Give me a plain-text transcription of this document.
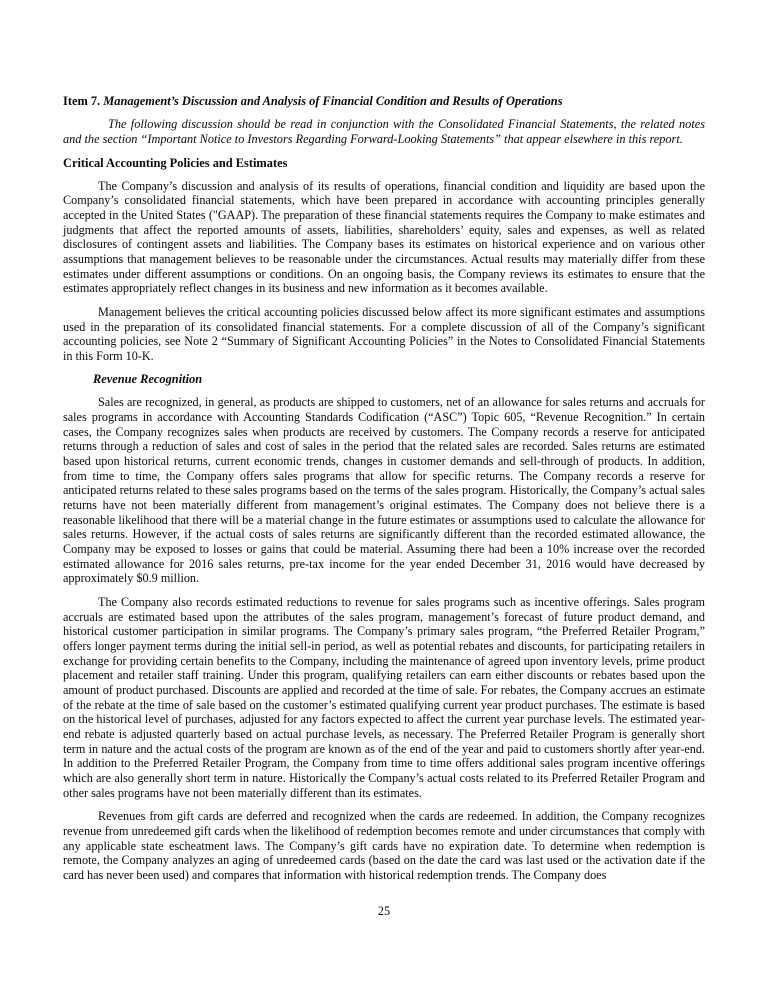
Item 7. Management’s Discussion and Analysis of Financial Condition and Results of Operations

The following discussion should be read in conjunction with the Consolidated Financial Statements, the related notes and the section “Important Notice to Investors Regarding Forward-Looking Statements” that appear elsewhere in this report.

Critical Accounting Policies and Estimates

The Company’s discussion and analysis of its results of operations, financial condition and liquidity are based upon the Company’s consolidated financial statements, which have been prepared in accordance with accounting principles generally accepted in the United States ("GAAP). The preparation of these financial statements requires the Company to make estimates and judgments that affect the reported amounts of assets, liabilities, shareholders’ equity, sales and expenses, as well as related disclosures of contingent assets and liabilities. The Company bases its estimates on historical experience and on various other assumptions that management believes to be reasonable under the circumstances. Actual results may materially differ from these estimates under different assumptions or conditions. On an ongoing basis, the Company reviews its estimates to ensure that the estimates appropriately reflect changes in its business and new information as it becomes available.

Management believes the critical accounting policies discussed below affect its more significant estimates and assumptions used in the preparation of its consolidated financial statements. For a complete discussion of all of the Company’s significant accounting policies, see Note 2 “Summary of Significant Accounting Policies” in the Notes to Consolidated Financial Statements in this Form 10-K.

Revenue Recognition

Sales are recognized, in general, as products are shipped to customers, net of an allowance for sales returns and accruals for sales programs in accordance with Accounting Standards Codification (“ASC”) Topic 605, “Revenue Recognition.” In certain cases, the Company recognizes sales when products are received by customers. The Company records a reserve for anticipated returns through a reduction of sales and cost of sales in the period that the related sales are recorded. Sales returns are estimated based upon historical returns, current economic trends, changes in customer demands and sell-through of products. In addition, from time to time, the Company offers sales programs that allow for specific returns. The Company records a reserve for anticipated returns related to these sales programs based on the terms of the sales program. Historically, the Company’s actual sales returns have not been materially different from management’s original estimates. The Company does not believe there is a reasonable likelihood that there will be a material change in the future estimates or assumptions used to calculate the allowance for sales returns. However, if the actual costs of sales returns are significantly different than the recorded estimated allowance, the Company may be exposed to losses or gains that could be material. Assuming there had been a 10% increase over the recorded estimated allowance for 2016 sales returns, pre-tax income for the year ended December 31, 2016 would have decreased by approximately $0.9 million.

The Company also records estimated reductions to revenue for sales programs such as incentive offerings. Sales program accruals are estimated based upon the attributes of the sales program, management’s forecast of future product demand, and historical customer participation in similar programs. The Company’s primary sales program, “the Preferred Retailer Program,” offers longer payment terms during the initial sell-in period, as well as potential rebates and discounts, for participating retailers in exchange for providing certain benefits to the Company, including the maintenance of agreed upon inventory levels, prime product placement and retailer staff training. Under this program, qualifying retailers can earn either discounts or rebates based upon the amount of product purchased. Discounts are applied and recorded at the time of sale. For rebates, the Company accrues an estimate of the rebate at the time of sale based on the customer’s estimated qualifying current year product purchases. The estimate is based on the historical level of purchases, adjusted for any factors expected to affect the current year purchase levels. The estimated year-end rebate is adjusted quarterly based on actual purchase levels, as necessary. The Preferred Retailer Program is generally short term in nature and the actual costs of the program are known as of the end of the year and paid to customers shortly after year-end. In addition to the Preferred Retailer Program, the Company from time to time offers additional sales program incentive offerings which are also generally short term in nature. Historically the Company’s actual costs related to its Preferred Retailer Program and other sales programs have not been materially different than its estimates.

Revenues from gift cards are deferred and recognized when the cards are redeemed. In addition, the Company recognizes revenue from unredeemed gift cards when the likelihood of redemption becomes remote and under circumstances that comply with any applicable state escheatment laws. The Company’s gift cards have no expiration date. To determine when redemption is remote, the Company analyzes an aging of unredeemed cards (based on the date the card was last used or the activation date if the card has never been used) and compares that information with historical redemption trends. The Company does

25
